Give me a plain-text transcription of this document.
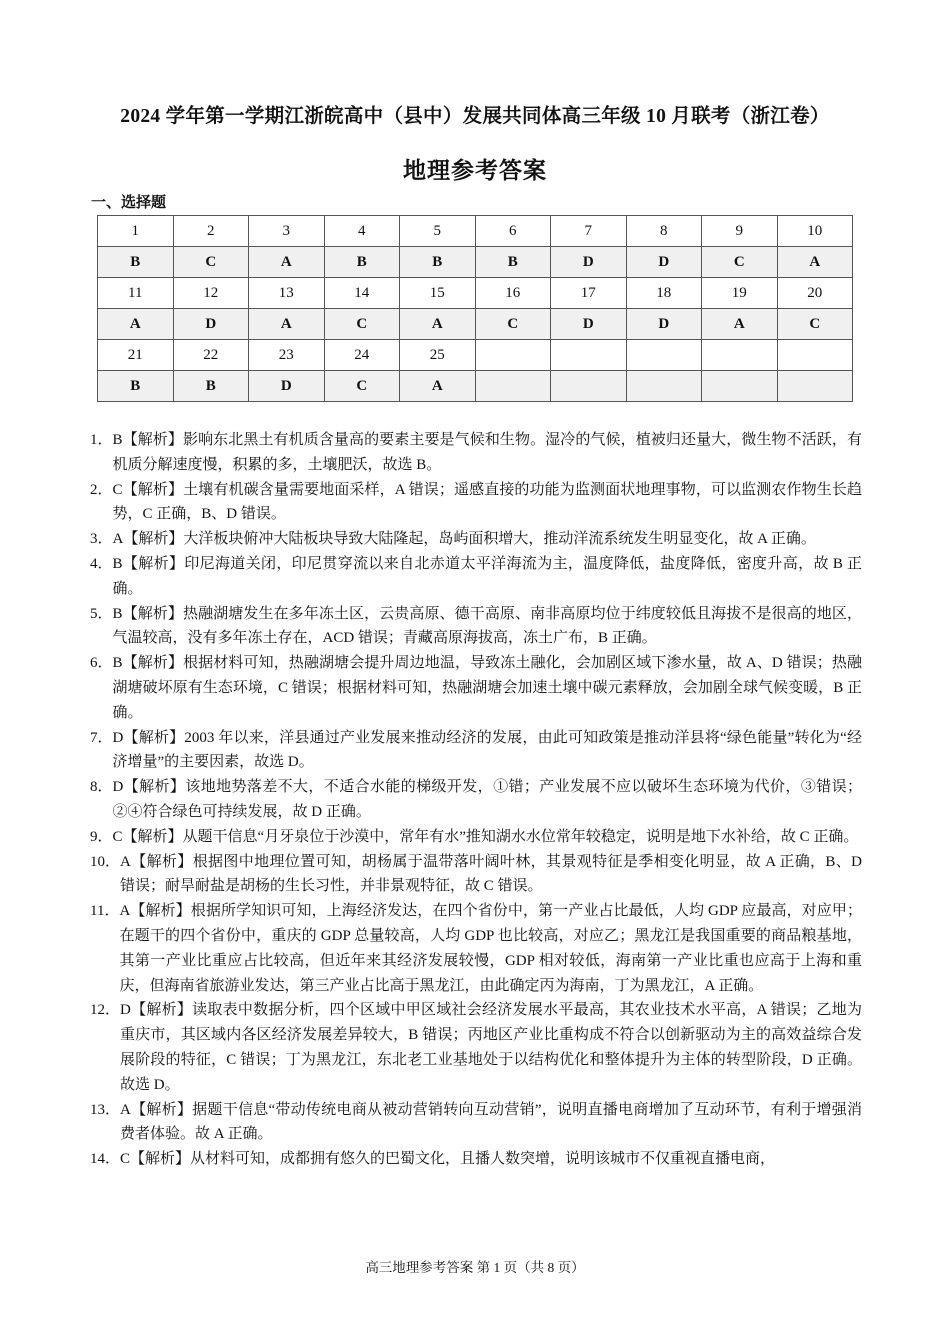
2024 学年第一学期江浙皖高中（县中）发展共同体高三年级 10 月联考（浙江卷）
地理参考答案
一、选择题
1	2	3	4	5	6	7	8	9	10
B	C	A	B	B	B	D	D	C	A
11	12	13	14	15	16	17	18	19	20
A	D	A	C	A	C	D	D	A	C
21	22	23	24	25					
B	B	D	C	A					
1． B【解析】影响东北黑土有机质含量高的要素主要是气候和生物。湿冷的气候，植被归还量大，微生物不活跃，有机质分解速度慢，积累的多，土壤肥沃，故选 B。
2． C【解析】土壤有机碳含量需要地面采样，A 错误；遥感直接的功能为监测面状地理事物，可以监测农作物生长趋势，C 正确，B、D 错误。
3． A【解析】大洋板块俯冲大陆板块导致大陆隆起，岛屿面积增大，推动洋流系统发生明显变化，故 A 正确。
4． B【解析】印尼海道关闭，印尼贯穿流以来自北赤道太平洋海流为主，温度降低，盐度降低，密度升高，故 B 正确。
5． B【解析】热融湖塘发生在多年冻土区，云贵高原、德干高原、南非高原均位于纬度较低且海拔不是很高的地区，气温较高，没有多年冻土存在，ACD 错误；青藏高原海拔高，冻土广布，B 正确。
6． B【解析】根据材料可知，热融湖塘会提升周边地温，导致冻土融化，会加剧区域下渗水量，故 A、D 错误；热融湖塘破坏原有生态环境，C 错误；根据材料可知，热融湖塘会加速土壤中碳元素释放，会加剧全球气候变暖，B 正确。
7． D【解析】2003 年以来，洋县通过产业发展来推动经济的发展，由此可知政策是推动洋县将“绿色能量”转化为“经济增量”的主要因素，故选 D。
8． D【解析】该地地势落差不大，不适合水能的梯级开发，①错；产业发展不应以破坏生态环境为代价，③错误；②④符合绿色可持续发展，故 D 正确。
9． C【解析】从题干信息“月牙泉位于沙漠中，常年有水”推知湖水水位常年较稳定，说明是地下水补给，故 C 正确。
10． A【解析】根据图中地理位置可知，胡杨属于温带落叶阔叶林，其景观特征是季相变化明显，故 A 正确，B、D 错误；耐旱耐盐是胡杨的生长习性，并非景观特征，故 C 错误。
11． A【解析】根据所学知识可知，上海经济发达，在四个省份中，第一产业占比最低，人均 GDP 应最高，对应甲；在题干的四个省份中，重庆的 GDP 总量较高，人均 GDP 也比较高，对应乙；黑龙江是我国重要的商品粮基地，其第一产业比重应占比较高，但近年来其经济发展较慢，GDP 相对较低，海南第一产业比重也应高于上海和重庆，但海南省旅游业发达，第三产业占比高于黑龙江，由此确定丙为海南，丁为黑龙江，A 正确。
12． D【解析】读取表中数据分析，四个区域中甲区域社会经济发展水平最高，其农业技术水平高，A 错误；乙地为重庆市，其区域内各区经济发展差异较大，B 错误；丙地区产业比重构成不符合以创新驱动为主的高效益综合发展阶段的特征，C 错误；丁为黑龙江，东北老工业基地处于以结构优化和整体提升为主体的转型阶段，D 正确。故选 D。
13． A【解析】据题干信息“带动传统电商从被动营销转向互动营销”，说明直播电商增加了互动环节，有利于增强消费者体验。故 A 正确。
14． C【解析】从材料可知，成都拥有悠久的巴蜀文化，且播人数突增，说明该城市不仅重视直播电商，
高三地理参考答案 第 1 页（共 8 页）
